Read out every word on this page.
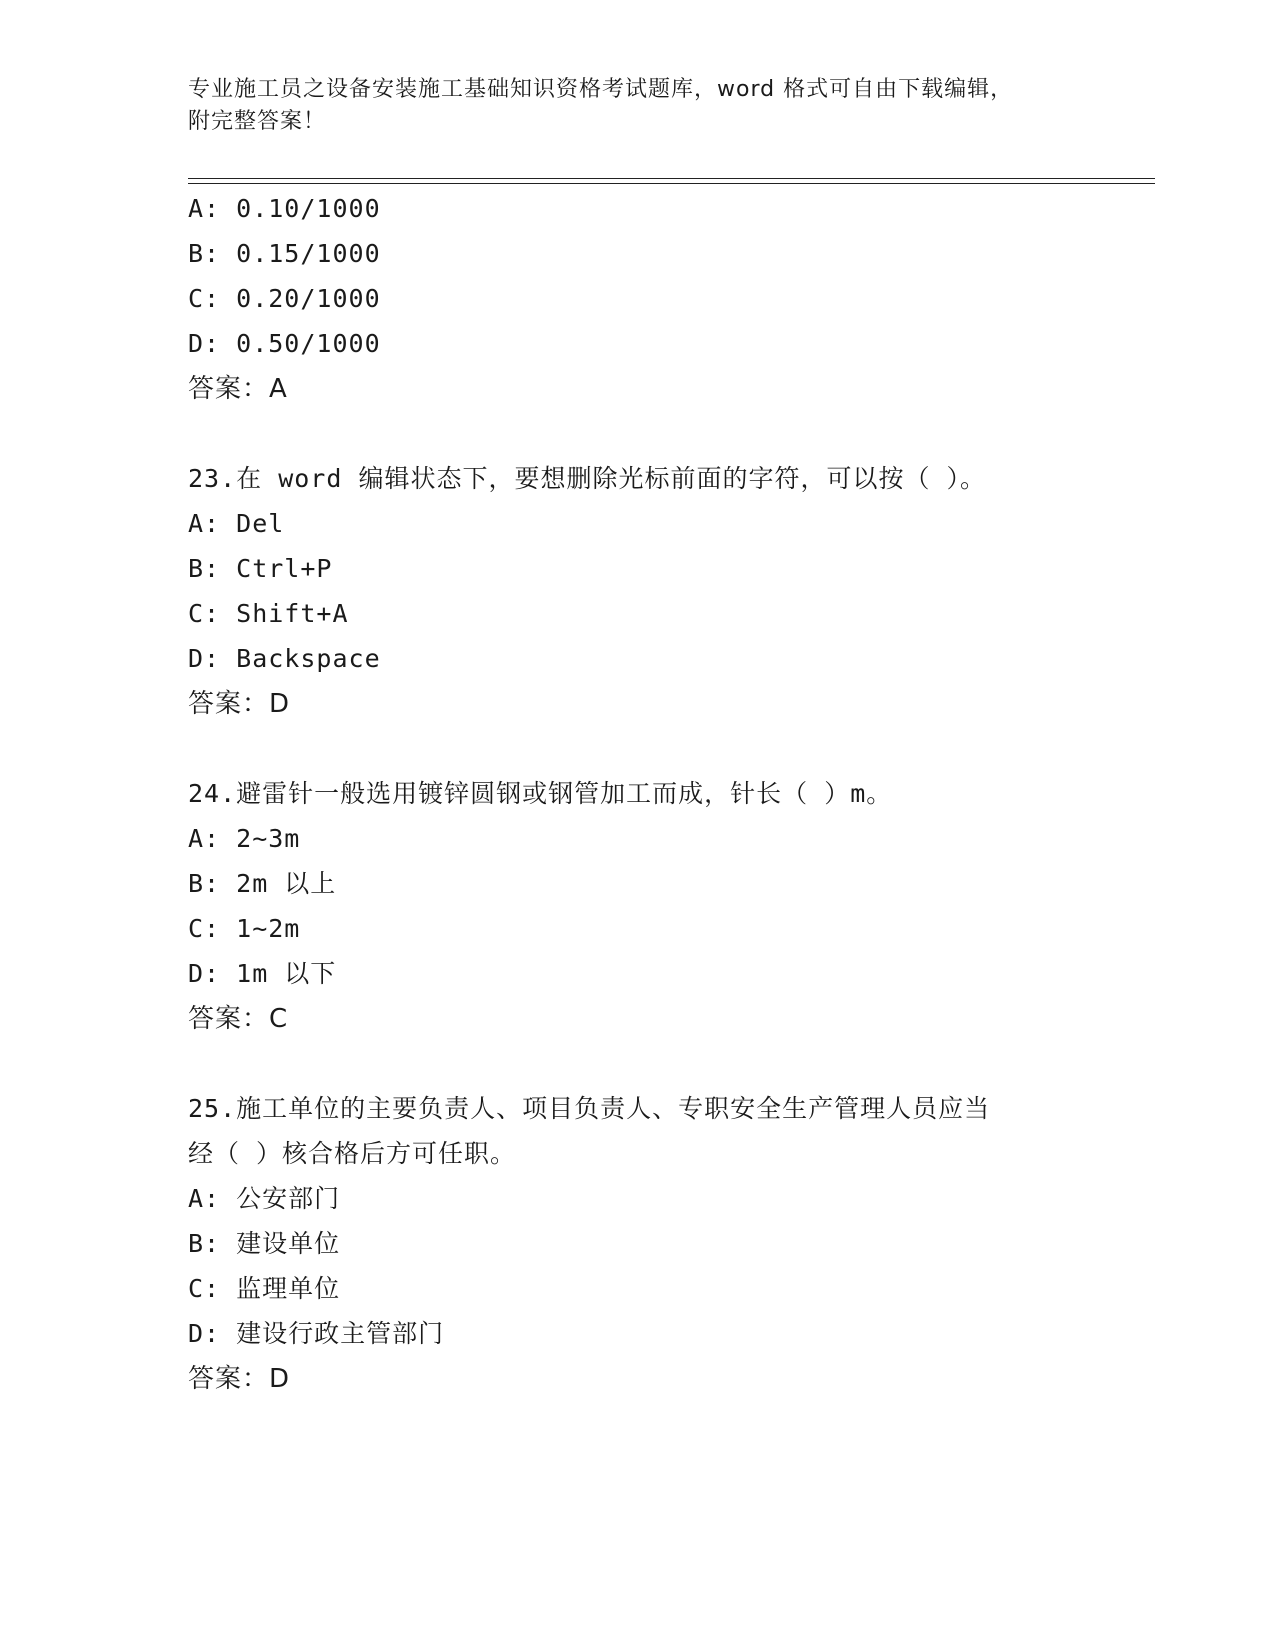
专业施工员之设备安装施工基础知识资格考试题库，word 格式可自由下载编辑，
附完整答案！
A: 0.10/1000
B: 0.15/1000
C: 0.20/1000
D: 0.50/1000
答案：A
23.在 word 编辑状态下，要想删除光标前面的字符，可以按（ ）。
A: Del
B: Ctrl+P
C: Shift+A
D: Backspace
答案：D
24.避雷针一般选用镀锌圆钢或钢管加工而成，针长（ ）m。
A: 2~3m
B: 2m 以上
C: 1~2m
D: 1m 以下
答案：C
25.施工单位的主要负责人、项目负责人、专职安全生产管理人员应当
经（ ）核合格后方可任职。
A: 公安部门
B: 建设单位
C: 监理单位
D: 建设行政主管部门
答案：D
